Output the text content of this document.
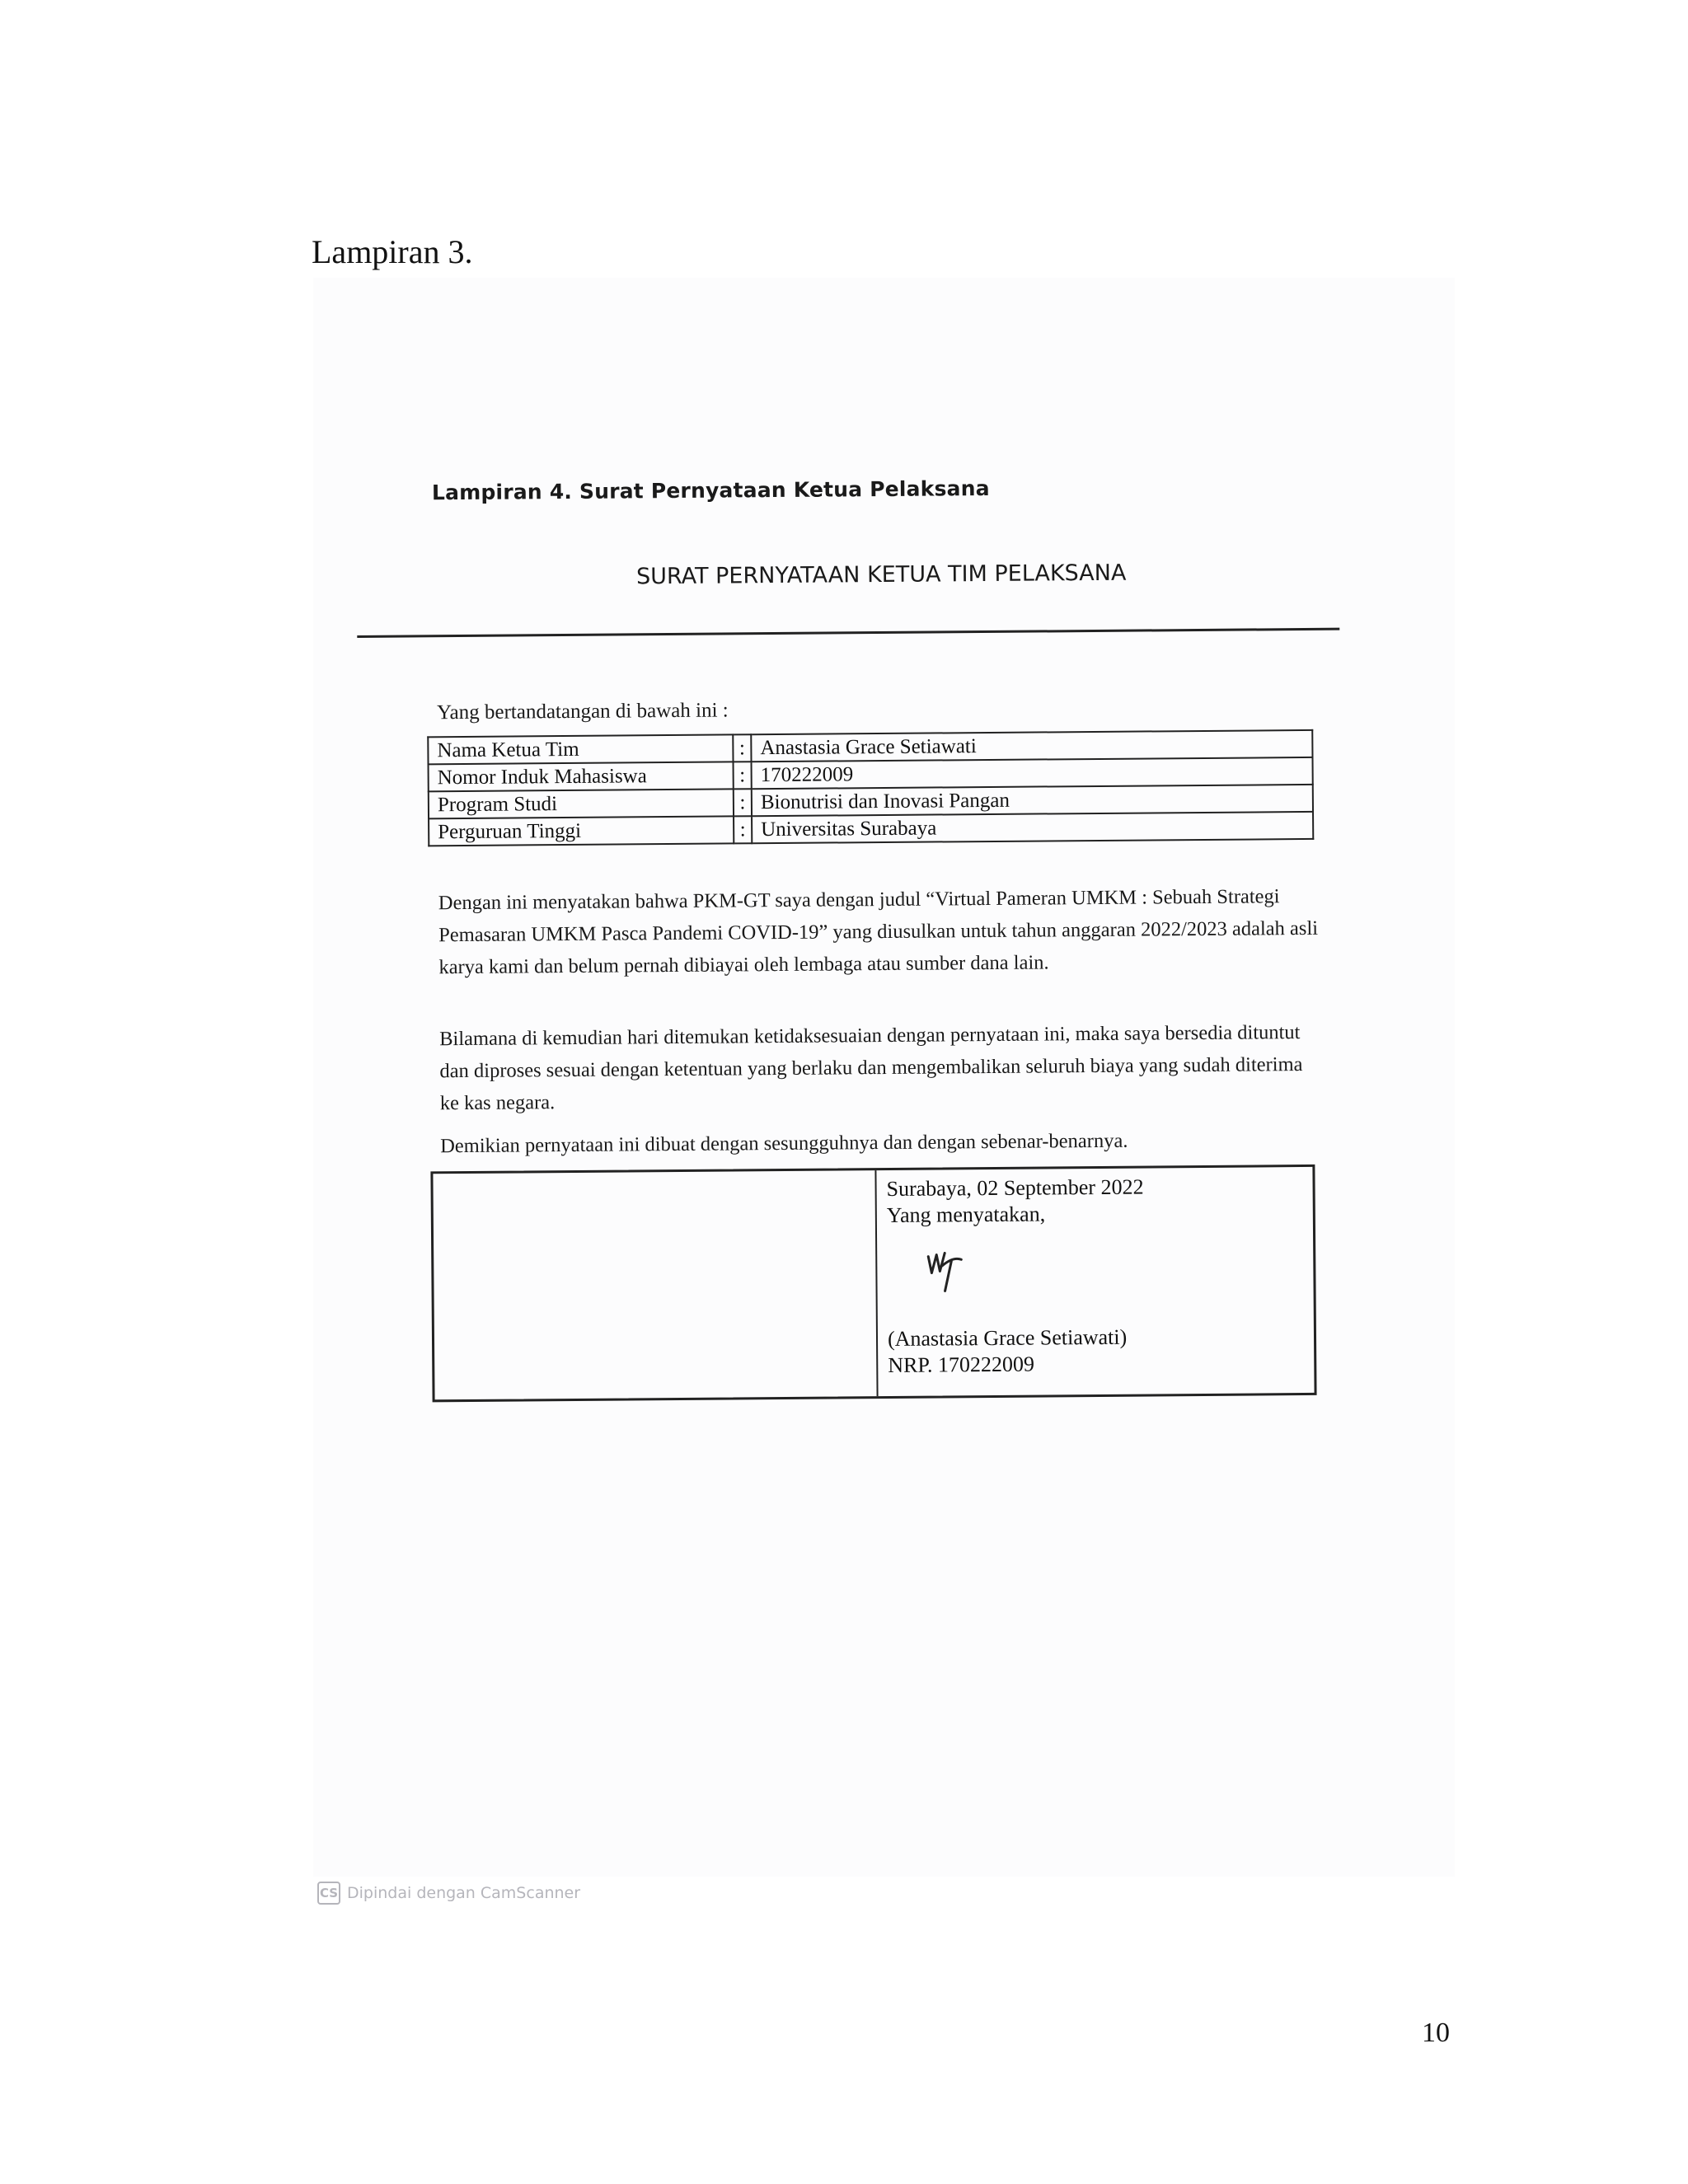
Lampiran 3.
Lampiran 4. Surat Pernyataan Ketua Pelaksana
SURAT PERNYATAAN KETUA TIM PELAKSANA
Yang bertandatangan di bawah ini :
Nama Ketua Tim	:	Anastasia Grace Setiawati
Nomor Induk Mahasiswa	:	170222009
Program Studi	:	Bionutrisi dan Inovasi Pangan
Perguruan Tinggi	:	Universitas Surabaya
Dengan ini menyatakan bahwa PKM-GT saya dengan judul “Virtual Pameran UMKM : Sebuah Strategi Pemasaran UMKM Pasca Pandemi COVID-19” yang diusulkan untuk tahun anggaran 2022/2023 adalah asli karya kami dan belum pernah dibiayai oleh lembaga atau sumber dana lain.
Bilamana di kemudian hari ditemukan ketidaksesuaian dengan pernyataan ini, maka saya bersedia dituntut dan diproses sesuai dengan ketentuan yang berlaku dan mengembalikan seluruh biaya yang sudah diterima ke kas negara.
Demikian pernyataan ini dibuat dengan sesungguhnya dan dengan sebenar-benarnya.
Surabaya, 02 September 2022
Yang menyatakan,
(Anastasia Grace Setiawati)
NRP. 170222009
CS Dipindai dengan CamScanner
10
